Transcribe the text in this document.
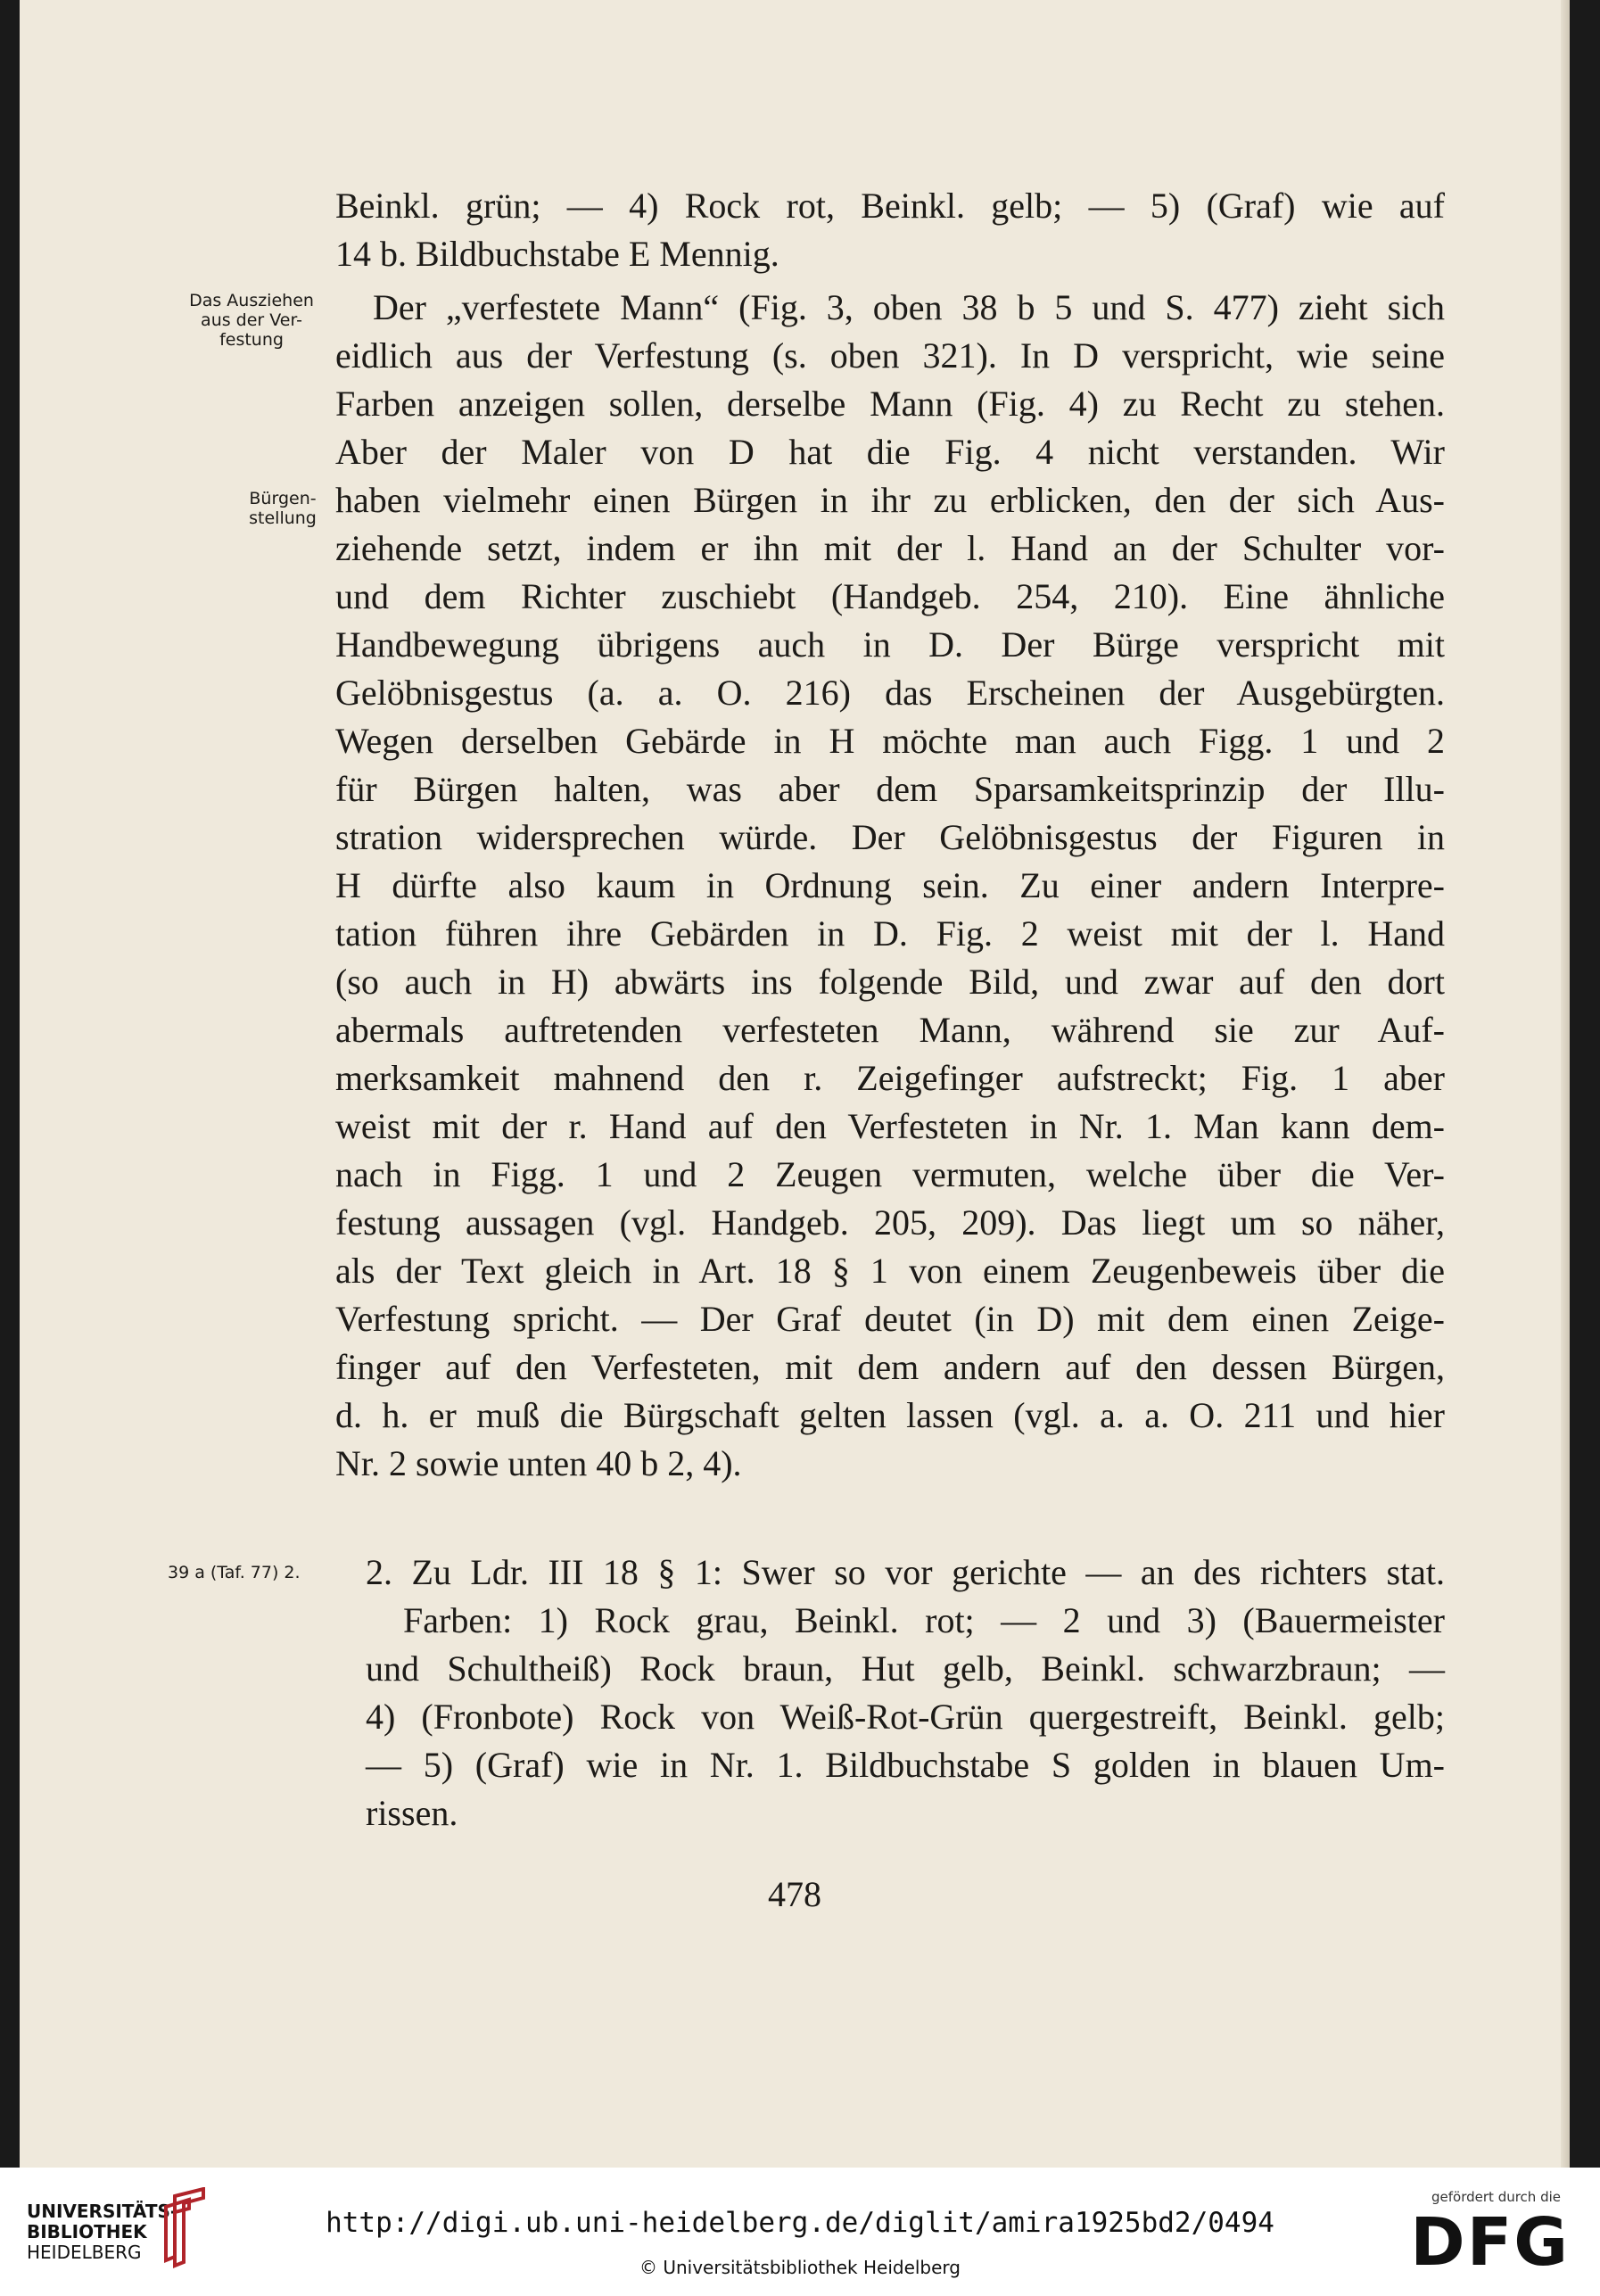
Beinkl. grün; — 4) Rock rot, Beinkl. gelb; — 5) (Graf) wie auf
14 b. Bildbuchstabe E Mennig.
Der „verfestete Mann“ (Fig. 3, oben 38 b 5 und S. 477) zieht sich
eidlich aus der Verfestung (s. oben 321). In D verspricht, wie seine
Farben anzeigen sollen, derselbe Mann (Fig. 4) zu Recht zu stehen.
Aber der Maler von D hat die Fig. 4 nicht verstanden. Wir
haben vielmehr einen Bürgen in ihr zu erblicken, den der sich Aus-
ziehende setzt, indem er ihn mit der l. Hand an der Schulter vor-
und dem Richter zuschiebt (Handgeb. 254, 210). Eine ähnliche
Handbewegung übrigens auch in D. Der Bürge verspricht mit
Gelöbnisgestus (a. a. O. 216) das Erscheinen der Ausgebürgten.
Wegen derselben Gebärde in H möchte man auch Figg. 1 und 2
für Bürgen halten, was aber dem Sparsamkeitsprinzip der Illu-
stration widersprechen würde. Der Gelöbnisgestus der Figuren in
H dürfte also kaum in Ordnung sein. Zu einer andern Interpre-
tation führen ihre Gebärden in D. Fig. 2 weist mit der l. Hand
(so auch in H) abwärts ins folgende Bild, und zwar auf den dort
abermals auftretenden verfesteten Mann, während sie zur Auf-
merksamkeit mahnend den r. Zeigefinger aufstreckt; Fig. 1 aber
weist mit der r. Hand auf den Verfesteten in Nr. 1. Man kann dem-
nach in Figg. 1 und 2 Zeugen vermuten, welche über die Ver-
festung aussagen (vgl. Handgeb. 205, 209). Das liegt um so näher,
als der Text gleich in Art. 18 § 1 von einem Zeugenbeweis über die
Verfestung spricht. — Der Graf deutet (in D) mit dem einen Zeige-
finger auf den Verfesteten, mit dem andern auf den dessen Bürgen,
d. h. er muß die Bürgschaft gelten lassen (vgl. a. a. O. 211 und hier
Nr. 2 sowie unten 40 b 2, 4).
2. Zu Ldr. III 18 § 1: Swer so vor gerichte — an des richters stat.
Farben: 1) Rock grau, Beinkl. rot; — 2 und 3) (Bauermeister
und Schultheiß) Rock braun, Hut gelb, Beinkl. schwarzbraun; —
4) (Fronbote) Rock von Weiß-Rot-Grün quergestreift, Beinkl. gelb;
— 5) (Graf) wie in Nr. 1. Bildbuchstabe S golden in blauen Um-
rissen.
Das Ausziehen
aus der Ver-
festung
Bürgen-
stellung
39 a (Taf. 77) 2.
478
UNIVERSITÄTS-
BIBLIOTHEK
HEIDELBERG
http://digi.ub.uni-heidelberg.de/diglit/amira1925bd2/0494
© Universitätsbibliothek Heidelberg
gefördert durch die
DFG
